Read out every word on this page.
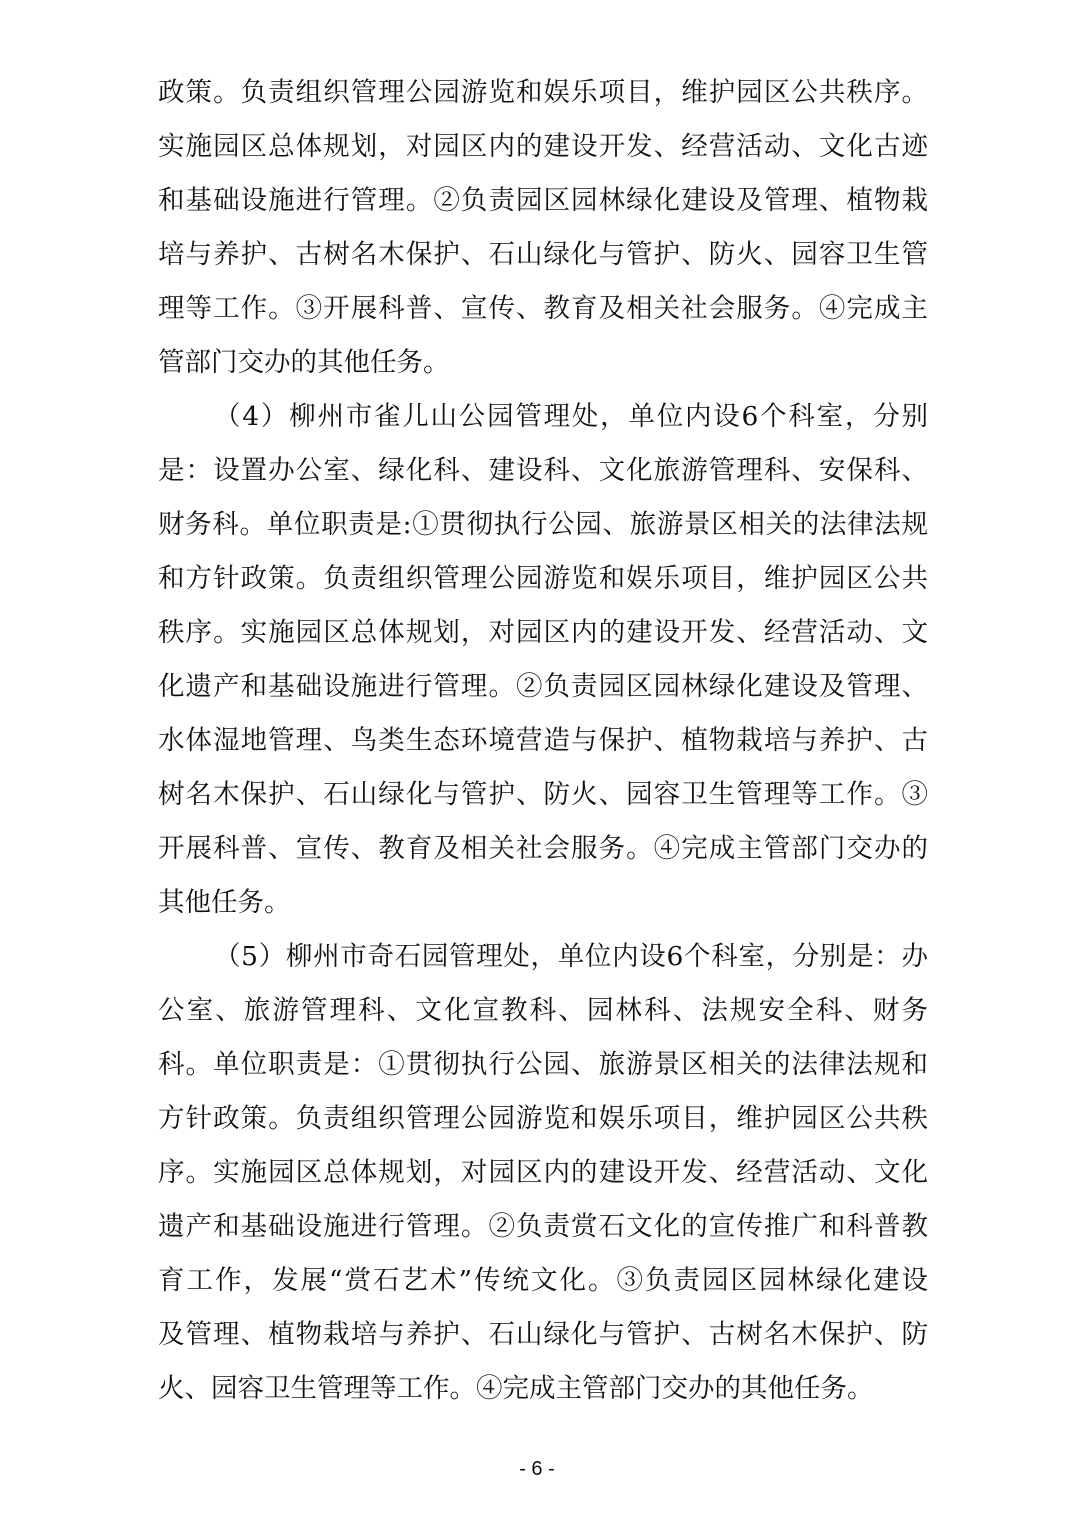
政策。负责组织管理公园游览和娱乐项目，维护园区公共秩序。
实施园区总体规划，对园区内的建设开发、经营活动、文化古迹
和基础设施进行管理。②负责园区园林绿化建设及管理、植物栽
培与养护、古树名木保护、石山绿化与管护、防火、园容卫生管
理等工作。③开展科普、宣传、教育及相关社会服务。④完成主
管部门交办的其他任务。
（4）柳州市雀儿山公园管理处，单位内设6个科室，分别
是：设置办公室、绿化科、建设科、文化旅游管理科、安保科、
财务科。单位职责是:①贯彻执行公园、旅游景区相关的法律法规
和方针政策。负责组织管理公园游览和娱乐项目，维护园区公共
秩序。实施园区总体规划，对园区内的建设开发、经营活动、文
化遗产和基础设施进行管理。②负责园区园林绿化建设及管理、
水体湿地管理、鸟类生态环境营造与保护、植物栽培与养护、古
树名木保护、石山绿化与管护、防火、园容卫生管理等工作。③
开展科普、宣传、教育及相关社会服务。④完成主管部门交办的
其他任务。
（5）柳州市奇石园管理处，单位内设6个科室，分别是：办
公室、旅游管理科、文化宣教科、园林科、法规安全科、财务
科。单位职责是：①贯彻执行公园、旅游景区相关的法律法规和
方针政策。负责组织管理公园游览和娱乐项目，维护园区公共秩
序。实施园区总体规划，对园区内的建设开发、经营活动、文化
遗产和基础设施进行管理。②负责赏石文化的宣传推广和科普教
育工作，发展“赏石艺术”传统文化。③负责园区园林绿化建设
及管理、植物栽培与养护、石山绿化与管护、古树名木保护、防
火、园容卫生管理等工作。④完成主管部门交办的其他任务。
- 6 -
